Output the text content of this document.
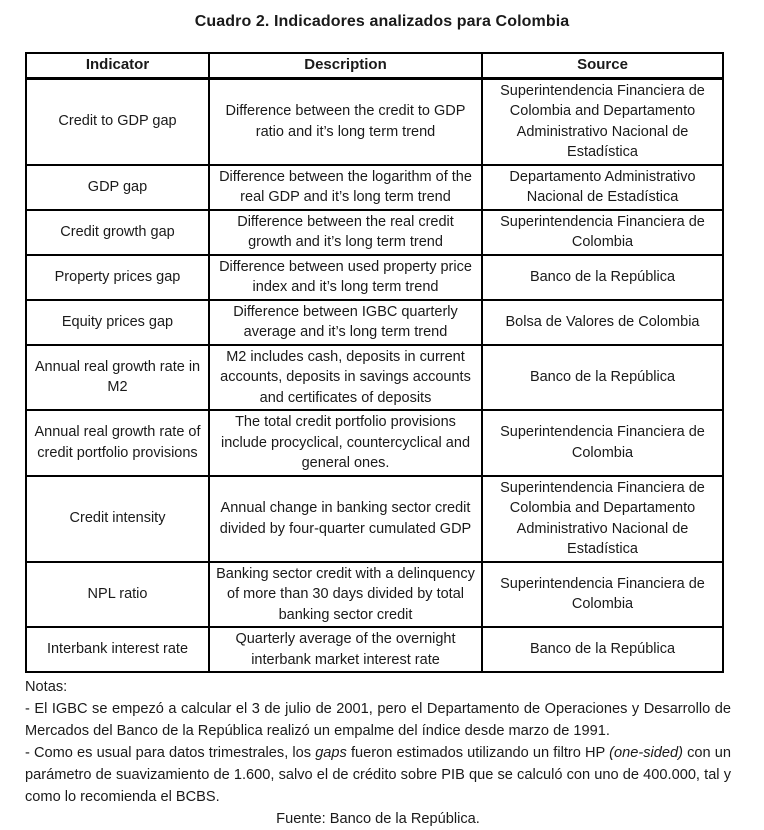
Cuadro 2. Indicadores analizados para Colombia
Indicator	Description	Source
Credit to GDP gap	Difference between the credit to GDP ratio and it’s long term trend	Superintendencia Financiera de Colombia and Departamento Administrativo Nacional de Estadística
GDP gap	Difference between the logarithm of the real GDP and it’s long term trend	Departamento Administrativo Nacional de Estadística
Credit growth gap	Difference between the real credit growth and it’s long term trend	Superintendencia Financiera de Colombia
Property prices gap	Difference between used property price index and it’s long term trend	Banco de la República
Equity prices gap	Difference between IGBC quarterly average and it’s long term trend	Bolsa de Valores de Colombia
Annual real growth rate in M2	M2 includes cash, deposits in current accounts, deposits in savings accounts and certificates of deposits	Banco de la República
Annual real growth rate of credit portfolio provisions	The total credit portfolio provisions include procyclical, countercyclical and general ones.	Superintendencia Financiera de Colombia
Credit intensity	Annual change in banking sector credit divided by four-quarter cumulated GDP	Superintendencia Financiera de Colombia and Departamento Administrativo Nacional de Estadística
NPL ratio	Banking sector credit with a delinquency of more than 30 days divided by total banking sector credit	Superintendencia Financiera de Colombia
Interbank interest rate	Quarterly average of the overnight interbank market interest rate	Banco de la República
Notas:
- El IGBC se empezó a calcular el 3 de julio de 2001, pero el Departamento de Operaciones y Desarrollo de Mercados del Banco de la República realizó un empalme del índice desde marzo de 1991.
- Como es usual para datos trimestrales, los gaps fueron estimados utilizando un filtro HP (one-sided) con un parámetro de suavizamiento de 1.600, salvo el de crédito sobre PIB que se calculó con uno de 400.000, tal y como lo recomienda el BCBS.
Fuente: Banco de la República.
